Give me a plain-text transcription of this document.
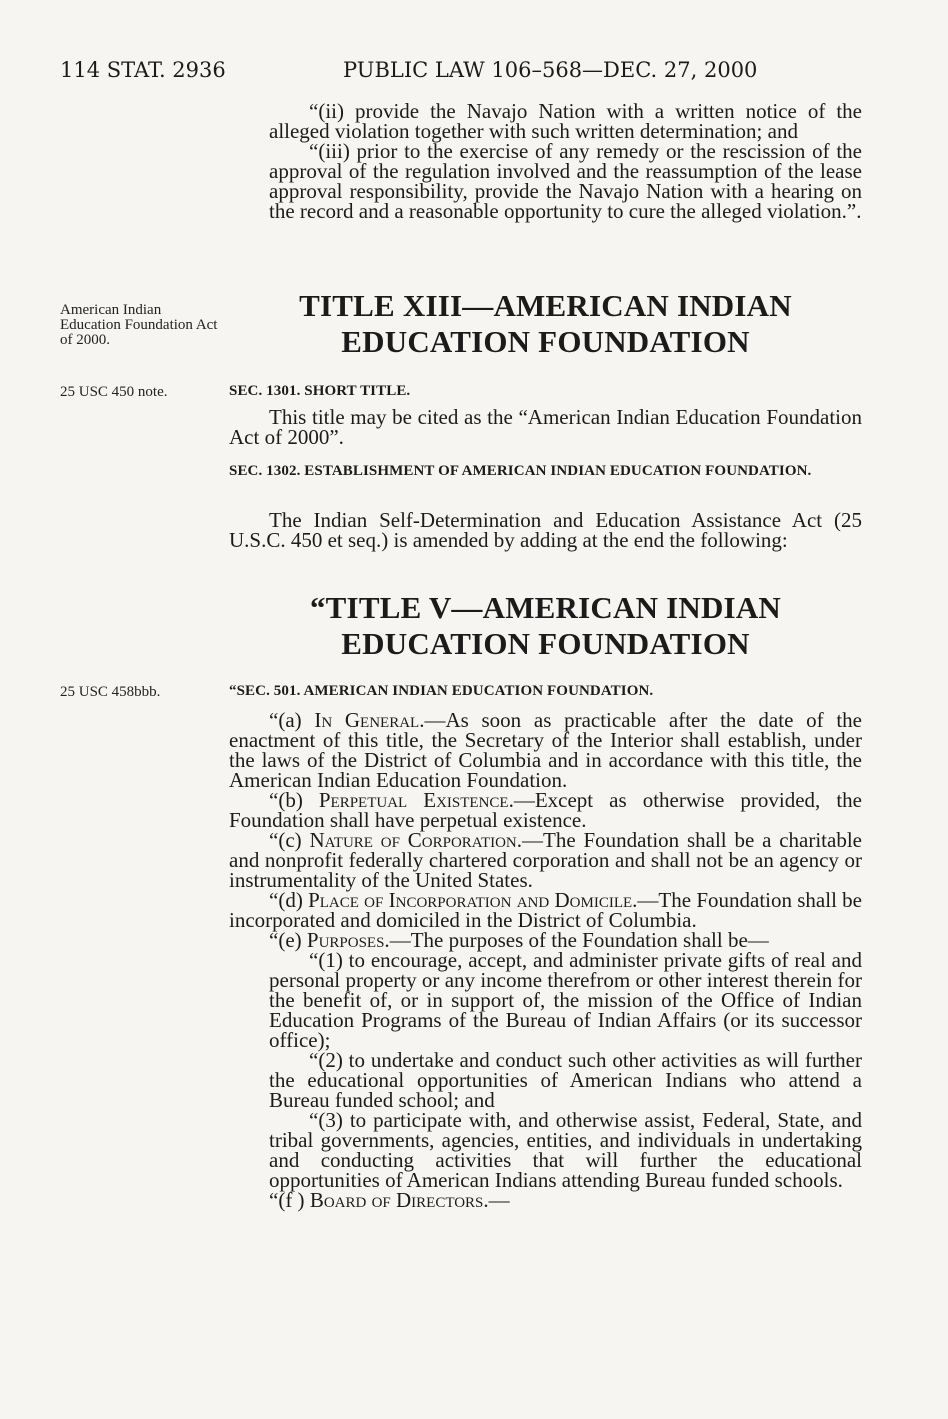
114 STAT. 2936	PUBLIC LAW 106–568—DEC. 27, 2000

“(ii) provide the Navajo Nation with a written notice of the alleged violation together with such written determination; and

“(iii) prior to the exercise of any remedy or the rescission of the approval of the regulation involved and the reassumption of the lease approval responsibility, provide the Navajo Nation with a hearing on the record and a reasonable opportunity to cure the alleged violation.”.

American Indian Education Foundation Act of 2000.
TITLE XIII—AMERICAN INDIAN
EDUCATION FOUNDATION
25 USC 450 note.	SEC. 1301. SHORT TITLE.

This title may be cited as the “American Indian Education Foundation Act of 2000”.

SEC. 1302. ESTABLISHMENT OF AMERICAN INDIAN EDUCATION FOUNDATION.

The Indian Self-Determination and Education Assistance Act (25 U.S.C. 450 et seq.) is amended by adding at the end the following:

“TITLE V—AMERICAN INDIAN
EDUCATION FOUNDATION
25 USC 458bbb.	“SEC. 501. AMERICAN INDIAN EDUCATION FOUNDATION.

“(a) In General.—As soon as practicable after the date of the enactment of this title, the Secretary of the Interior shall establish, under the laws of the District of Columbia and in accordance with this title, the American Indian Education Foundation.

“(b) Perpetual Existence.—Except as otherwise provided, the Foundation shall have perpetual existence.

“(c) Nature of Corporation.—The Foundation shall be a charitable and nonprofit federally chartered corporation and shall not be an agency or instrumentality of the United States.

“(d) Place of Incorporation and Domicile.—The Foundation shall be incorporated and domiciled in the District of Columbia.

“(e) Purposes.—The purposes of the Foundation shall be—

“(1) to encourage, accept, and administer private gifts of real and personal property or any income therefrom or other interest therein for the benefit of, or in support of, the mission of the Office of Indian Education Programs of the Bureau of Indian Affairs (or its successor office);

“(2) to undertake and conduct such other activities as will further the educational opportunities of American Indians who attend a Bureau funded school; and

“(3) to participate with, and otherwise assist, Federal, State, and tribal governments, agencies, entities, and individuals in undertaking and conducting activities that will further the educational opportunities of American Indians attending Bureau funded schools.

“(f ) Board of Directors.—
